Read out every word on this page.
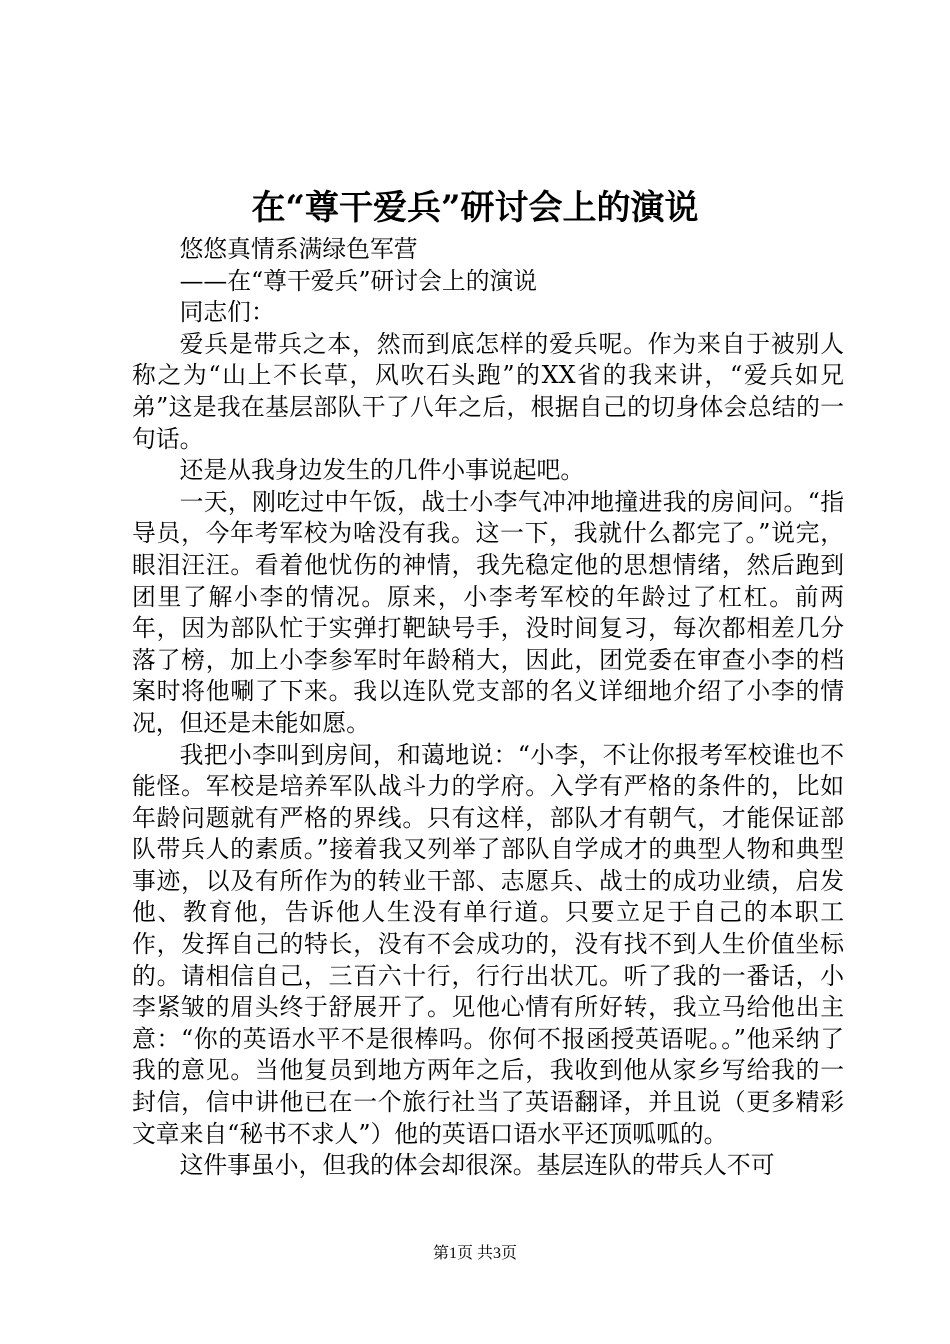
在“尊干爱兵”研讨会上的演说

悠悠真情系满绿色军营

——在“尊干爱兵”研讨会上的演说

同志们：

爱兵是带兵之本，然而到底怎样的爱兵呢。作为来自于被别人称之为“山上不长草，风吹石头跑”的XX省的我来讲，“爱兵如兄弟”这是我在基层部队干了八年之后，根据自己的切身体会总结的一句话。

还是从我身边发生的几件小事说起吧。

一天，刚吃过中午饭，战士小李气冲冲地撞进我的房间问。“指导员，今年考军校为啥没有我。这一下，我就什么都完了。”说完，眼泪汪汪。看着他忧伤的神情，我先稳定他的思想情绪，然后跑到团里了解小李的情况。原来，小李考军校的年龄过了杠杠。前两年，因为部队忙于实弹打靶缺号手，没时间复习，每次都相差几分落了榜，加上小李参军时年龄稍大，因此，团党委在审查小李的档案时将他唰了下来。我以连队党支部的名义详细地介绍了小李的情况，但还是未能如愿。

我把小李叫到房间，和蔼地说：“小李，不让你报考军校谁也不能怪。军校是培养军队战斗力的学府。入学有严格的条件的，比如年龄问题就有严格的界线。只有这样，部队才有朝气，才能保证部队带兵人的素质。”接着我又列举了部队自学成才的典型人物和典型事迹，以及有所作为的转业干部、志愿兵、战士的成功业绩，启发他、教育他，告诉他人生没有单行道。只要立足于自己的本职工作，发挥自己的特长，没有不会成功的，没有找不到人生价值坐标的。请相信自己，三百六十行，行行出状兀。听了我的一番话，小李紧皱的眉头终于舒展开了。见他心情有所好转，我立马给他出主意：“你的英语水平不是很棒吗。你何不报函授英语呢。。”他采纳了我的意见。当他复员到地方两年之后，我收到他从家乡写给我的一封信，信中讲他已在一个旅行社当了英语翻译，并且说（更多精彩文章来自“秘书不求人”）他的英语口语水平还顶呱呱的。

这件事虽小，但我的体会却很深。基层连队的带兵人不可

第1页 共3页
